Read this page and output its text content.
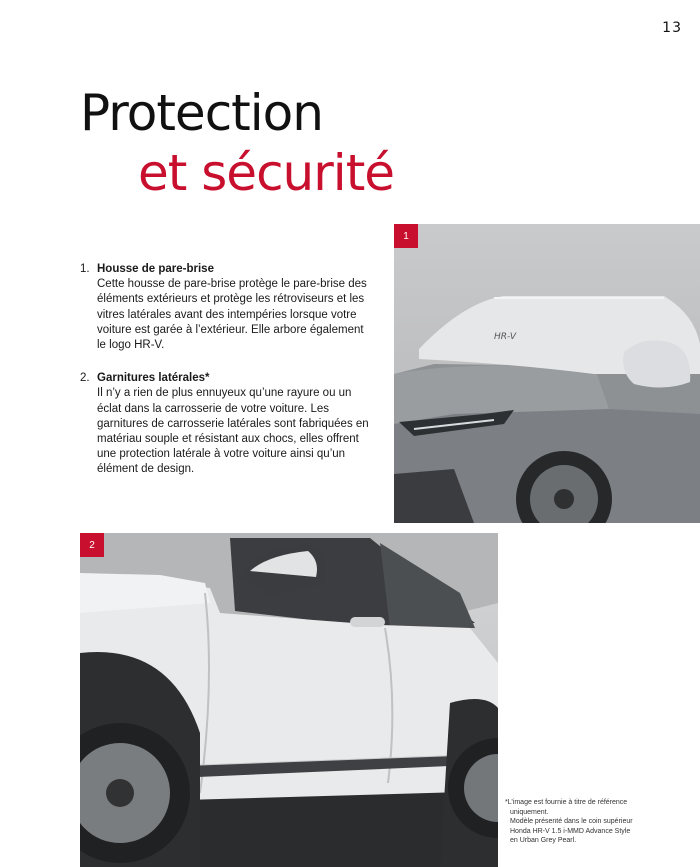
13
Protection
et sécurité
1. Housse de pare-brise
Cette housse de pare-brise protège le pare-brise des éléments extérieurs et protège les rétroviseurs et les vitres latérales avant des intempéries lorsque votre voiture est garée à l’extérieur. Elle arbore également le logo HR-V.
2. Garnitures latérales*
Il n’y a rien de plus ennuyeux qu’une rayure ou un éclat dans la carrosserie de votre voiture. Les garnitures de carrosserie latérales sont fabriquées en matériau souple et résistant aux chocs, elles offrent une protection latérale à votre voiture ainsi qu’un élément de design.
HR-V
1
2
*L’image est fournie à titre de référence
uniquement.
Modèle présenté dans le coin supérieur
Honda HR-V 1.5 i-MMD Advance Style
en Urban Grey Pearl.
